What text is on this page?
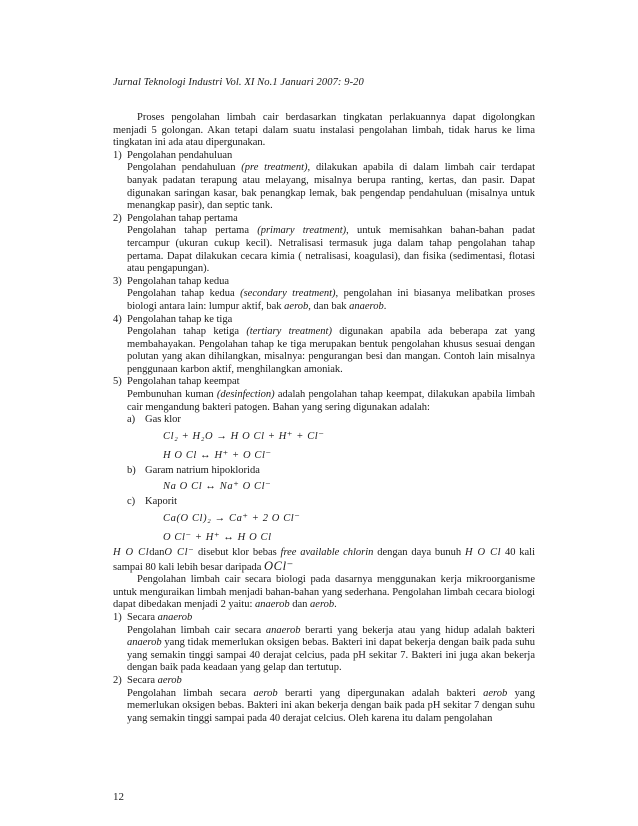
Jurnal Teknologi Industri Vol. XI No.1 Januari 2007: 9-20

Proses pengolahan limbah cair berdasarkan tingkatan perlakuannya dapat digolongkan menjadi 5 golongan. Akan tetapi dalam suatu instalasi pengolahan limbah, tidak harus ke lima tingkatan ini ada atau dipergunakan.

1) Pengolahan pendahuluan

Pengolahan pendahuluan (pre treatment), dilakukan apabila di dalam limbah cair terdapat banyak padatan terapung atau melayang, misalnya berupa ranting, kertas, dan pasir. Dapat digunakan saringan kasar, bak penangkap lemak, bak pengendap pendahuluan (misalnya untuk menangkap pasir), dan septic tank.

2) Pengolahan tahap pertama

Pengolahan tahap pertama (primary treatment), untuk memisahkan bahan-bahan padat tercampur (ukuran cukup kecil). Netralisasi termasuk juga dalam tahap pengolahan tahap pertama. Dapat dilakukan cecara kimia ( netralisasi, koagulasi), dan fisika (sedimentasi, flotasi atau pengapungan).

3) Pengolahan tahap kedua

Pengolahan tahap kedua (secondary treatment), pengolahan ini biasanya melibatkan proses biologi antara lain: lumpur aktif, bak aerob, dan bak anaerob.

4) Pengolahan tahap ke tiga

Pengolahan tahap ketiga (tertiary treatment) digunakan apabila ada beberapa zat yang membahayakan. Pengolahan tahap ke tiga merupakan bentuk pengolahan khusus sesuai dengan polutan yang akan dihilangkan, misalnya: pengurangan besi dan mangan. Contoh lain misalnya penggunaan karbon aktif, menghilangkan amoniak.

5) Pengolahan tahap keempat

Pembunuhan kuman (desinfection) adalah pengolahan tahap keempat, dilakukan apabila limbah cair mengandung bakteri patogen. Bahan yang sering digunakan adalah:

a) Gas klor
Cl₂ + H₂O → H O Cl + H⁺ + Cl⁻
H O Cl ↔ H⁺ + O Cl⁻
b) Garam natrium hipoklorida
Na O Cl ↔ Na⁺ O Cl⁻
c) Kaporit
Ca(O Cl)₂ → Ca⁺ + 2 O Cl⁻
O Cl⁻ + H⁺ ↔ H O Cl

H O CldanO Cl⁻ disebut klor bebas free available chlorin dengan daya bunuh H O Cl 40 kali sampai 80 kali lebih besar daripada OCl⁻

Pengolahan limbah cair secara biologi pada dasarnya menggunakan kerja mikroorganisme untuk menguraikan limbah menjadi bahan-bahan yang sederhana. Pengolahan limbah cecara biologi dapat dibedakan menjadi 2 yaitu: anaerob dan aerob.

1) Secara anaerob

Pengolahan limbah cair secara anaerob berarti yang bekerja atau yang hidup adalah bakteri anaerob yang tidak memerlukan oksigen bebas. Bakteri ini dapat bekerja dengan baik pada suhu yang semakin tinggi sampai 40 derajat celcius, pada pH sekitar 7. Bakteri ini juga akan bekerja dengan baik pada keadaan yang gelap dan tertutup.

2) Secara aerob

Pengolahan limbah secara aerob berarti yang dipergunakan adalah bakteri aerob yang memerlukan oksigen bebas. Bakteri ini akan bekerja dengan baik pada pH sekitar 7 dengan suhu yang semakin tinggi sampai pada 40 derajat celcius. Oleh karena itu dalam pengolahan

12
